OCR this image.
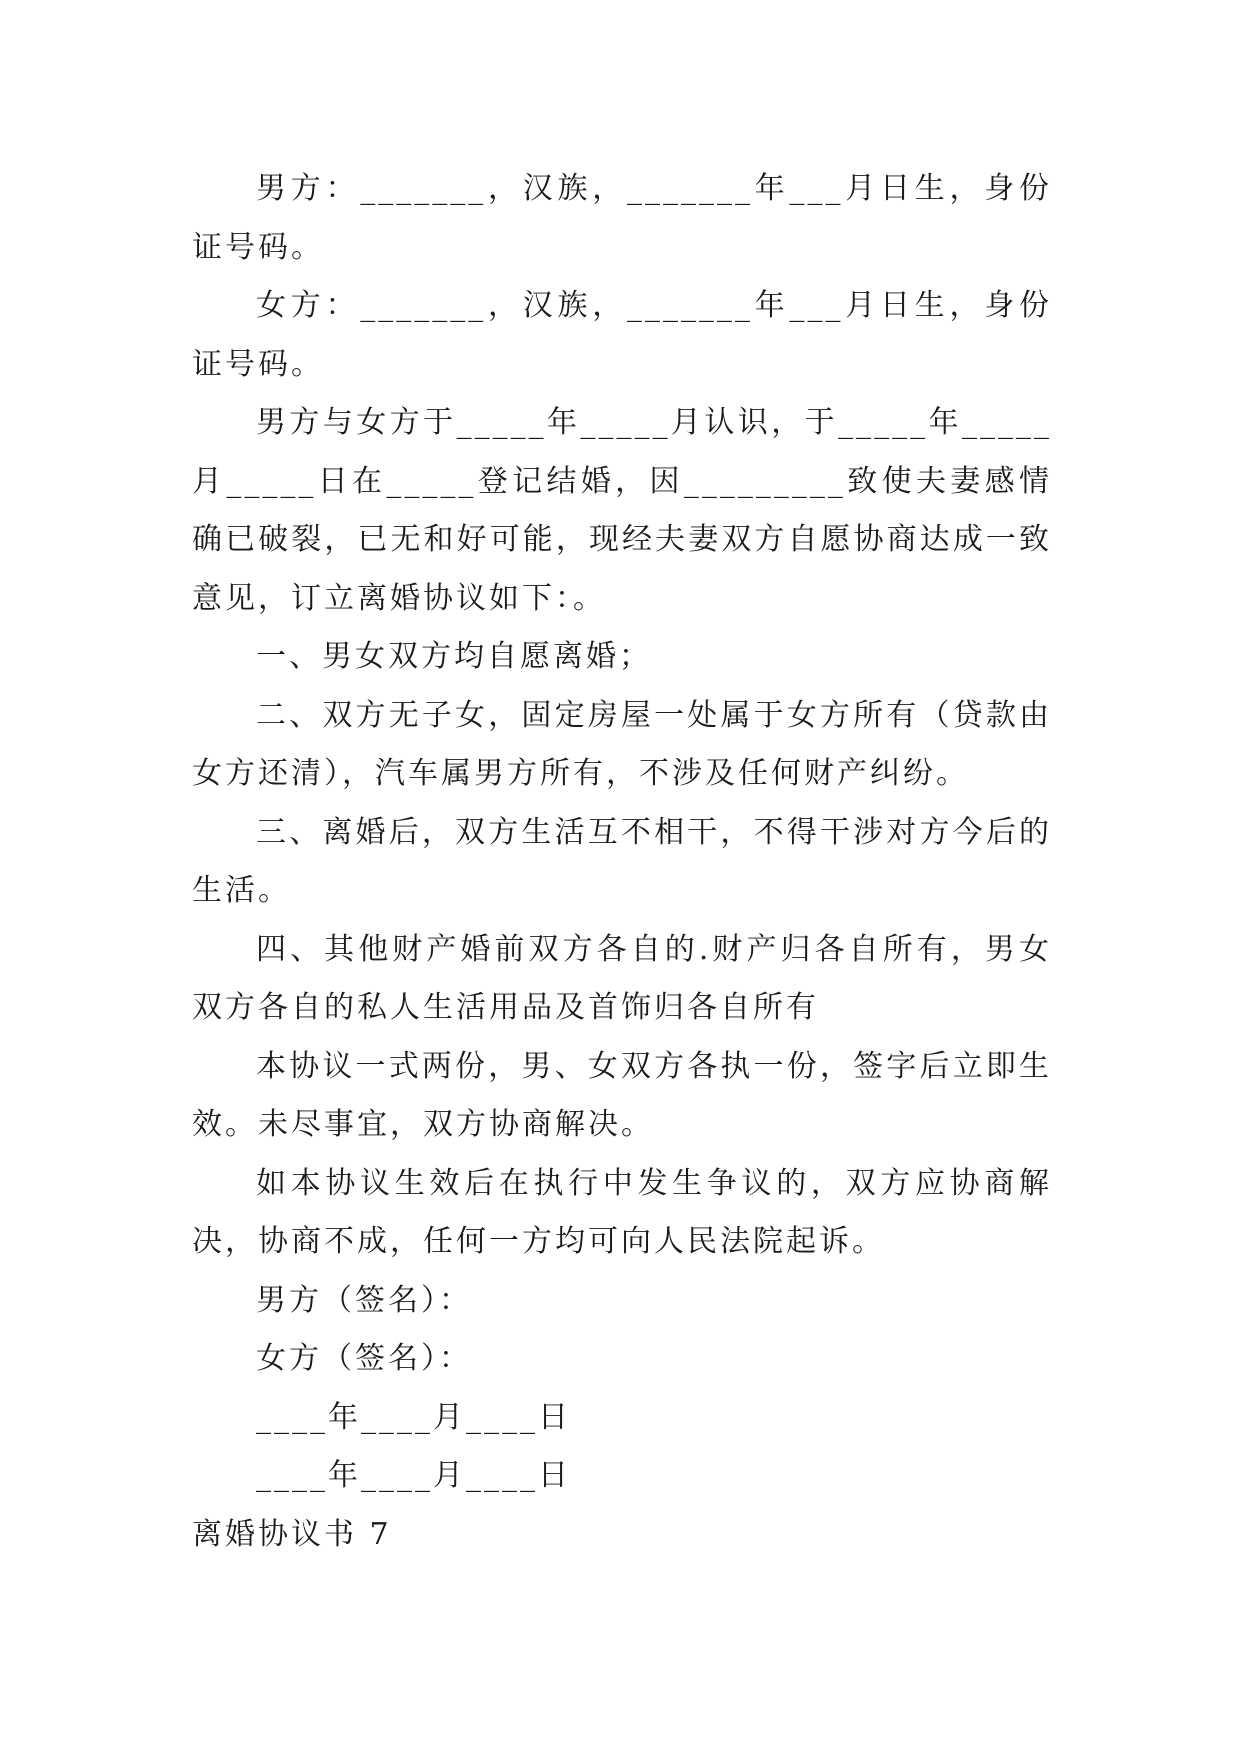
男方：_______，汉族，_______年___月日生，身份证号码。

女方：_______，汉族，_______年___月日生，身份证号码。

男方与女方于_____年_____月认识，于_____年_____月_____日在_____登记结婚，因_________致使夫妻感情确已破裂，已无和好可能，现经夫妻双方自愿协商达成一致意见，订立离婚协议如下：。

一、男女双方均自愿离婚；

二、双方无子女，固定房屋一处属于女方所有（贷款由女方还清），汽车属男方所有，不涉及任何财产纠纷。

三、离婚后，双方生活互不相干，不得干涉对方今后的生活。

四、其他财产婚前双方各自的.财产归各自所有，男女双方各自的私人生活用品及首饰归各自所有

本协议一式两份，男、女双方各执一份，签字后立即生效。未尽事宜，双方协商解决。

如本协议生效后在执行中发生争议的，双方应协商解决，协商不成，任何一方均可向人民法院起诉。

男方（签名）：

女方（签名）：

____年____月____日

____年____月____日

离婚协议书 7
